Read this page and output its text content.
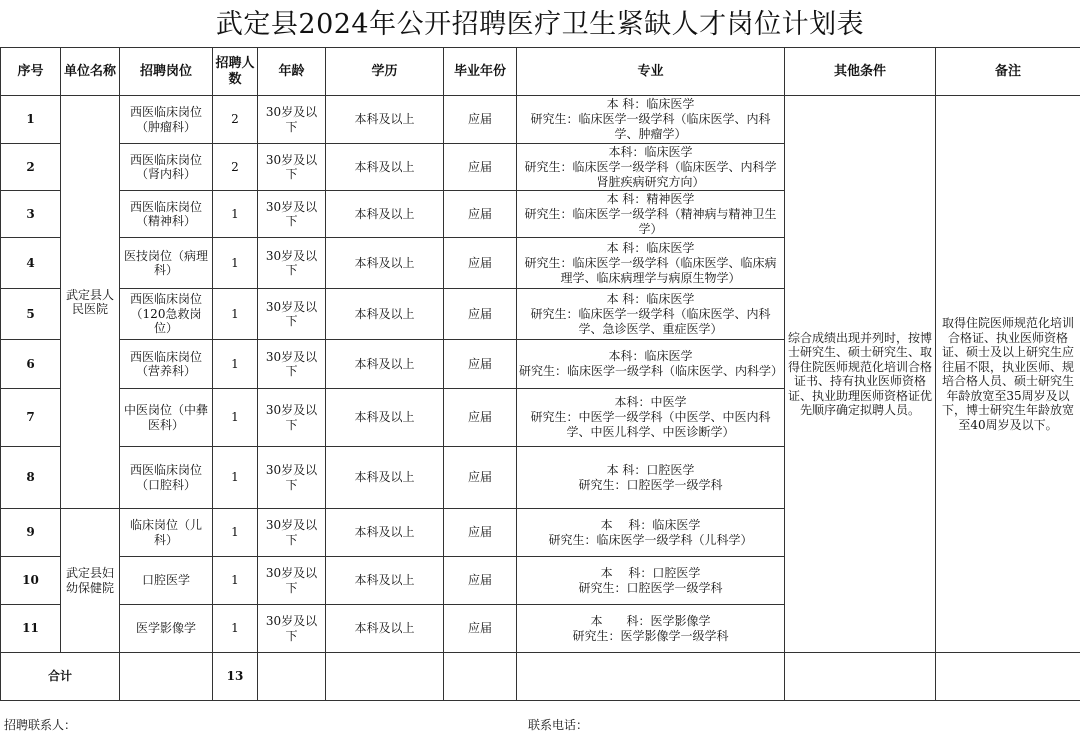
武定县2024年公开招聘医疗卫生紧缺人才岗位计划表
序号	单位名称	招聘岗位	招聘人数	年龄	学历	毕业年份	专业	其他条件	备注
1	武定县人民医院	西医临床岗位（肿瘤科）	2	30岁及以下	本科及以上	应届	本 科：临床医学
研究生：临床医学一级学科（临床医学、内科学、肿瘤学）	综合成绩出现并列时，按博士研究生、硕士研究生、取得住院医师规范化培训合格证书、持有执业医师资格证、执业助理医师资格证优先顺序确定拟聘人员。	取得住院医师规范化培训合格证、执业医师资格证、硕士及以上研究生应往届不限，执业医师、规培合格人员、硕士研究生年龄放宽至35周岁及以下，博士研究生年龄放宽至40周岁及以下。
2		西医临床岗位（肾内科）	2	30岁及以下	本科及以上	应届	本科：临床医学
研究生：临床医学一级学科（临床医学、内科学肾脏疾病研究方向）		

3		西医临床岗位（精神科）	1	30岁及以下	本科及以上	应届	本 科：精神医学
研究生：临床医学一级学科（精神病与精神卫生学）		

4		医技岗位（病理科）	1	30岁及以下	本科及以上	应届	本 科：临床医学
研究生：临床医学一级学科（临床医学、临床病理学、临床病理学与病原生物学）		

5		西医临床岗位（120急救岗位）	1	30岁及以下	本科及以上	应届	本 科：临床医学
研究生：临床医学一级学科（临床医学、内科学、急诊医学、重症医学）		

6		西医临床岗位（营养科）	1	30岁及以下	本科及以上	应届	本科：临床医学
研究生：临床医学一级学科（临床医学、内科学）		

7		中医岗位（中彝医科）	1	30岁及以下	本科及以上	应届	本科：中医学
研究生：中医学一级学科（中医学、中医内科学、中医儿科学、中医诊断学）		

8		西医临床岗位（口腔科）	1	30岁及以下	本科及以上	应届	本 科：口腔医学
研究生：口腔医学一级学科		

9	武定县妇幼保健院	临床岗位（儿科）	1	30岁及以下	本科及以上	应届	本　 科：临床医学
研究生：临床医学一级学科（儿科学）		

10		口腔医学	1	30岁及以下	本科及以上	应届	本　 科：口腔医学
研究生：口腔医学一级学科		

11		医学影像学	1	30岁及以下	本科及以上	应届	本　　科：医学影像学
研究生：医学影像学一级学科		

合计			13						
招聘联系人：	联系电话：
